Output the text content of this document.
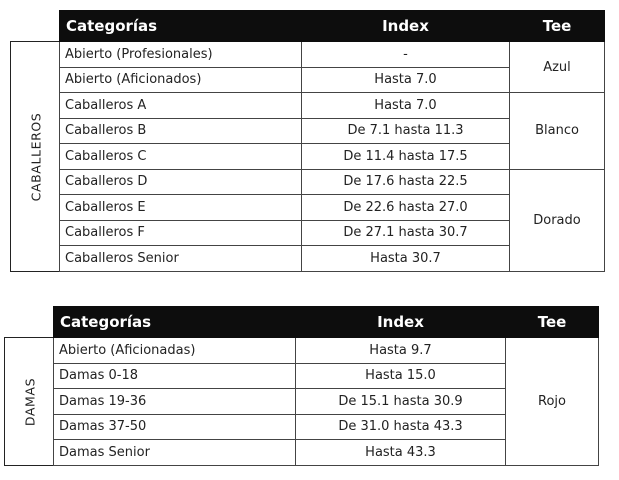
CABALLEROS
Categorías	Index	Tee
Abierto (Profesionales)	-	Azul
Abierto (Aficionados)	Hasta 7.0	
Caballeros A	Hasta 7.0	Blanco
Caballeros B	De 7.1 hasta 11.3	
Caballeros C	De 11.4 hasta 17.5	
Caballeros D	De 17.6 hasta 22.5	Dorado
Caballeros E	De 22.6 hasta 27.0	
Caballeros F	De 27.1 hasta 30.7	
Caballeros Senior	Hasta 30.7	
DAMAS
Categorías	Index	Tee
Abierto (Aficionadas)	Hasta 9.7	Rojo
Damas 0-18	Hasta 15.0	
Damas 19-36	De 15.1 hasta 30.9	
Damas 37-50	De 31.0 hasta 43.3	
Damas Senior	Hasta 43.3	
